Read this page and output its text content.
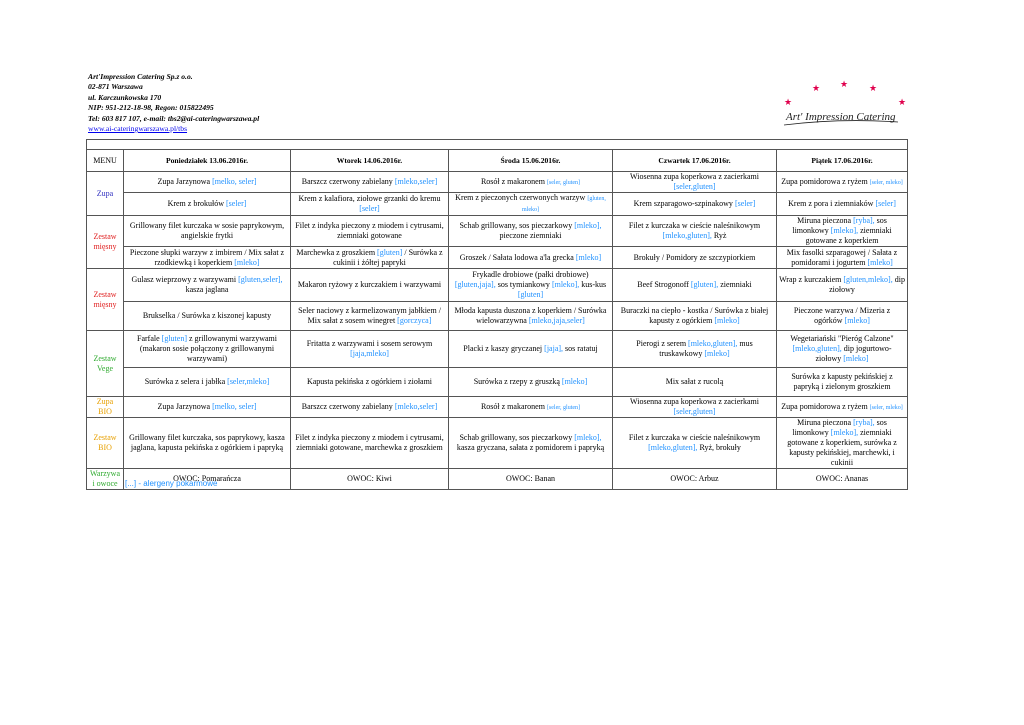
Art'Impression Catering Sp.z o.o.
02-871 Warszawa
ul. Karczunkowska 170
NIP: 951-212-18-98, Regon: 015822495
Tel: 603 817 107, e-mail: tbs2@ai-cateringwarszawa.pl
www.ai-cateringwarszawa.pl/tbs
★ ★ ★
★	★
Art' Impression Catering

MENU	Poniedziałek 13.06.2016r.	Wtorek 14.06.2016r.	Środa 15.06.2016r.	Czwartek 17.06.2016r.	Piątek 17.06.2016r.
Zupa	Zupa Jarzynowa [melko, seler]	Barszcz czerwony zabielany [mleko,seler]	Rosół z makaronem [seler, gluten]	Wiosenna zupa koperkowa z zacierkami [seler,gluten]	Zupa pomidorowa z ryżem [seler, mleko]
	Krem z brokułów [seler]	Krem z kalafiora, ziołowe grzanki do kremu [seler]	Krem z pieczonych czerwonych warzyw [gluten, mleko]	Krem szparagowo-szpinakowy [seler]	Krem z pora i ziemniaków [seler]
Zestaw mięsny	Grillowany filet kurczaka w sosie paprykowym, angielskie frytki	Filet z indyka pieczony z miodem i cytrusami, ziemniaki gotowane	Schab grillowany, sos pieczarkowy [mleko], pieczone ziemniaki	Filet z kurczaka w cieście naleśnikowym [mleko,gluten], Ryż	Miruna pieczona [ryba], sos limonkowy [mleko], ziemniaki gotowane z koperkiem
	Pieczone słupki warzyw z imbirem / Mix sałat z rzodkiewką i koperkiem [mleko]	Marchewka z groszkiem [gluten] / Surówka z cukinii i żółtej papryki	Groszek / Sałata lodowa a'la grecka [mleko]	Brokuły / Pomidory ze szczypiorkiem	Mix fasolki szparagowej / Sałata z pomidorami i jogurtem [mleko]
Zestaw mięsny	Gulasz wieprzowy z warzywami [gluten,seler], kasza jaglana	Makaron ryżowy z kurczakiem i warzywami	Frykadle drobiowe (pałki drobiowe) [gluten,jaja], sos tymiankowy [mleko], kus-kus [gluten]	Beef Strogonoff [gluten], ziemniaki	Wrap z kurczakiem [gluten,mleko], dip ziołowy
	Brukselka / Surówka z kiszonej kapusty	Seler naciowy z karmelizowanym jabłkiem / Mix sałat z sosem winegret [gorczyca]	Młoda kapusta duszona z koperkiem / Surówka wielowarzywna [mleko,jaja,seler]	Buraczki na ciepło - kostka / Surówka z białej kapusty z ogórkiem [mleko]	Pieczone warzywa / Mizeria z ogórków [mleko]
Zestaw Vege	Farfale [gluten] z grillowanymi warzywami (makaron sosie połączony z grillowanymi warzywami)	Fritatta z warzywami i sosem serowym [jaja,mleko]	Placki z kaszy gryczanej [jaja], sos ratatuj	Pierogi z serem [mleko,gluten], mus truskawkowy [mleko]	Wegetariański "Pieróg Calzone" [mleko,gluten], dip jogurtowo- ziołowy [mleko]
	Surówka z selera i jabłka [seler,mleko]	Kapusta pekińska z ogórkiem i ziołami	Surówka z rzepy z gruszką [mleko]	Mix sałat z rucolą	Surówka z kapusty pekińskiej z papryką i zielonym groszkiem
Zupa BIO	Zupa Jarzynowa [melko, seler]	Barszcz czerwony zabielany [mleko,seler]	Rosół z makaronem [seler, gluten]	Wiosenna zupa koperkowa z zacierkami [seler,gluten]	Zupa pomidorowa z ryżem [seler, mleko]
Zestaw BIO	Grillowany filet kurczaka, sos paprykowy, kasza jaglana, kapusta pekińska z ogórkiem i papryką	Filet z indyka pieczony z miodem i cytrusami, ziemniaki gotowane, marchewka z groszkiem	Schab grillowany, sos pieczarkowy [mleko], kasza gryczana, sałata z pomidorem i papryką	Filet z kurczaka w cieście naleśnikowym [mleko,gluten], Ryż, brokuły	Miruna pieczona [ryba], sos limonkowy [mleko], ziemniaki gotowane z koperkiem, surówka z kapusty pekińskiej, marchewki, i cukinii
Warzywa i owoce	OWOC: Pomarańcza	OWOC: Kiwi	OWOC: Banan	OWOC: Arbuz	OWOC: Ananas
[...] - alergeny pokarmowe
